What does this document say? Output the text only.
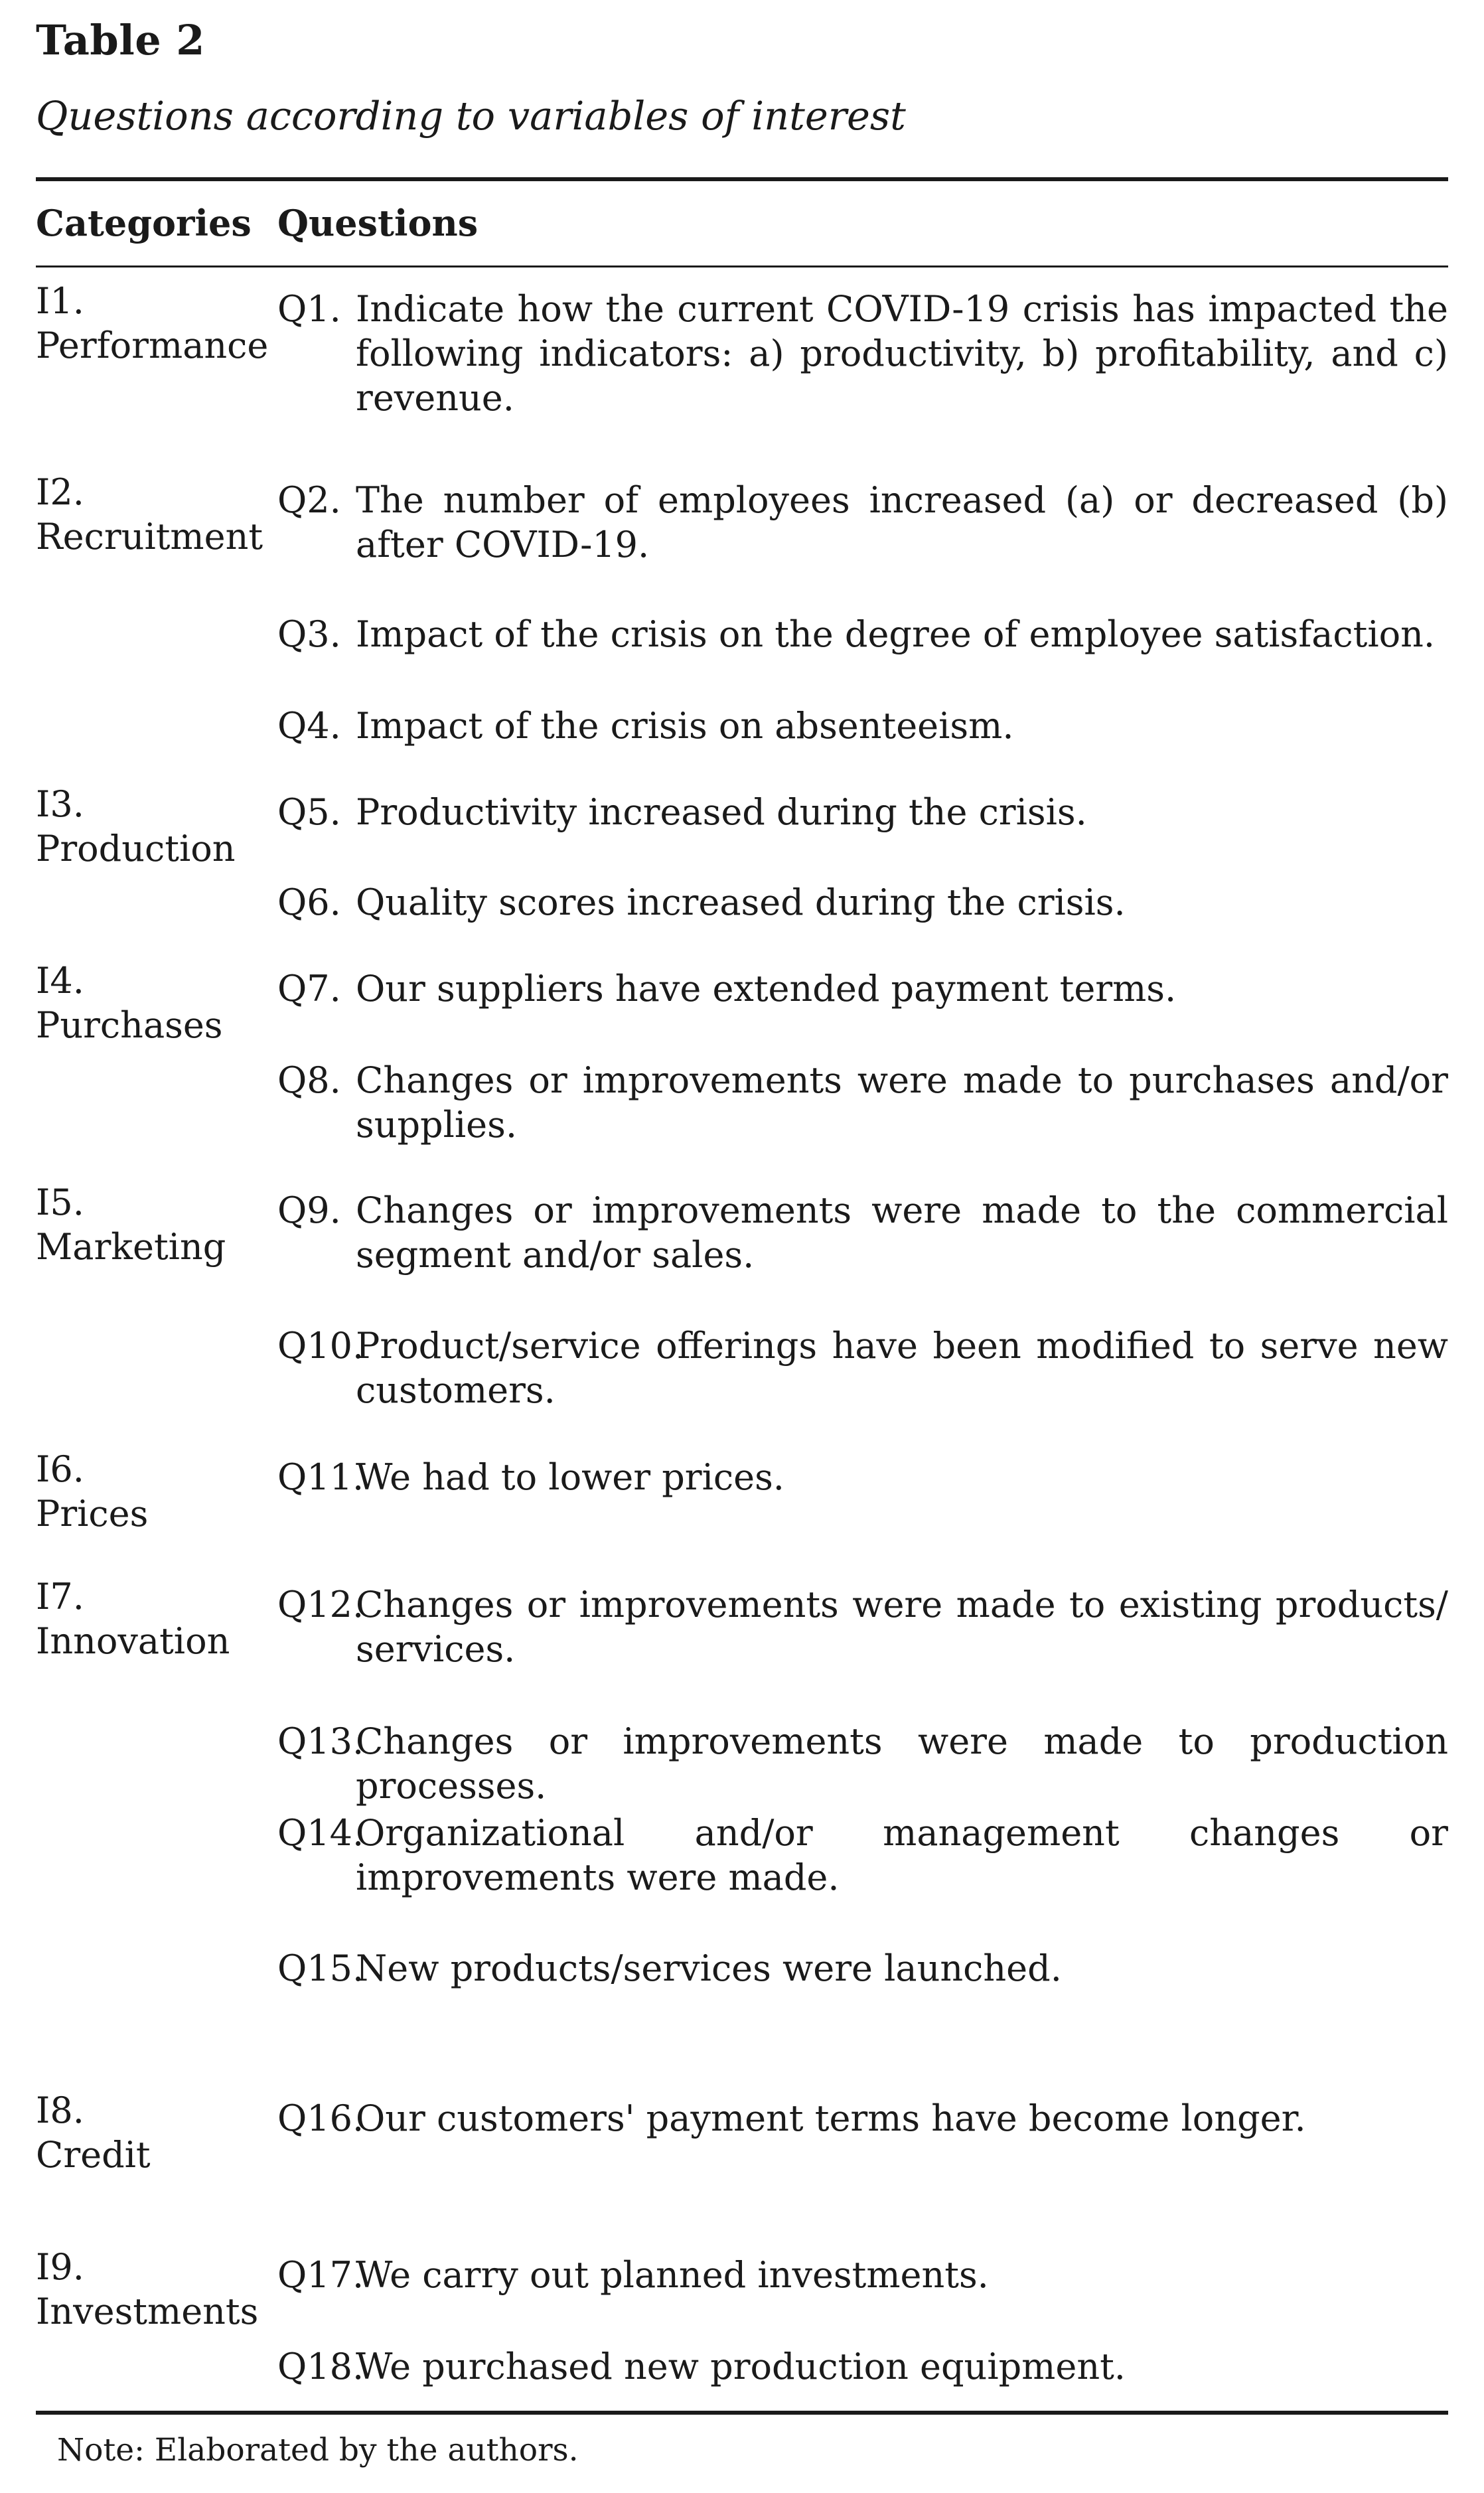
Table 2
Questions according to variables of interest
Categories Questions
I1.
Performance
I2.
Recruitment
I3.
Production
I4.
Purchases
I5.
Marketing
I6.
Prices
I7.
Innovation
I8.
Credit
I9.
Investments
Q1. Indicate how the current COVID-19 crisis has impacted the following indicators: a) productivity, b) profitability, and c) revenue.
Q2. The number of employees increased (a) or decreased (b) after COVID-19.
Q3. Impact of the crisis on the degree of employee satisfaction.
Q4. Impact of the crisis on absenteeism.
Q5. Productivity increased during the crisis.
Q6. Quality scores increased during the crisis.
Q7. Our suppliers have extended payment terms.
Q8. Changes or improvements were made to purchases and/or supplies.
Q9. Changes or improvements were made to the commercial segment and/or sales.
Q10.
Product/service offerings have been modified to serve new customers.
Q11.
We had to lower prices.
Q12.
Changes or improvements were made to existing products/ services.
Q13.
Changes or improvements were made to production processes.
Q14.
Organizational and/or management changes or improvements were made.
Q15.
New products/services were launched.
Q16.
Our customers' payment terms have become longer.
Q17.
We carry out planned investments.
Q18.
We purchased new production equipment.
Note: Elaborated by the authors.
